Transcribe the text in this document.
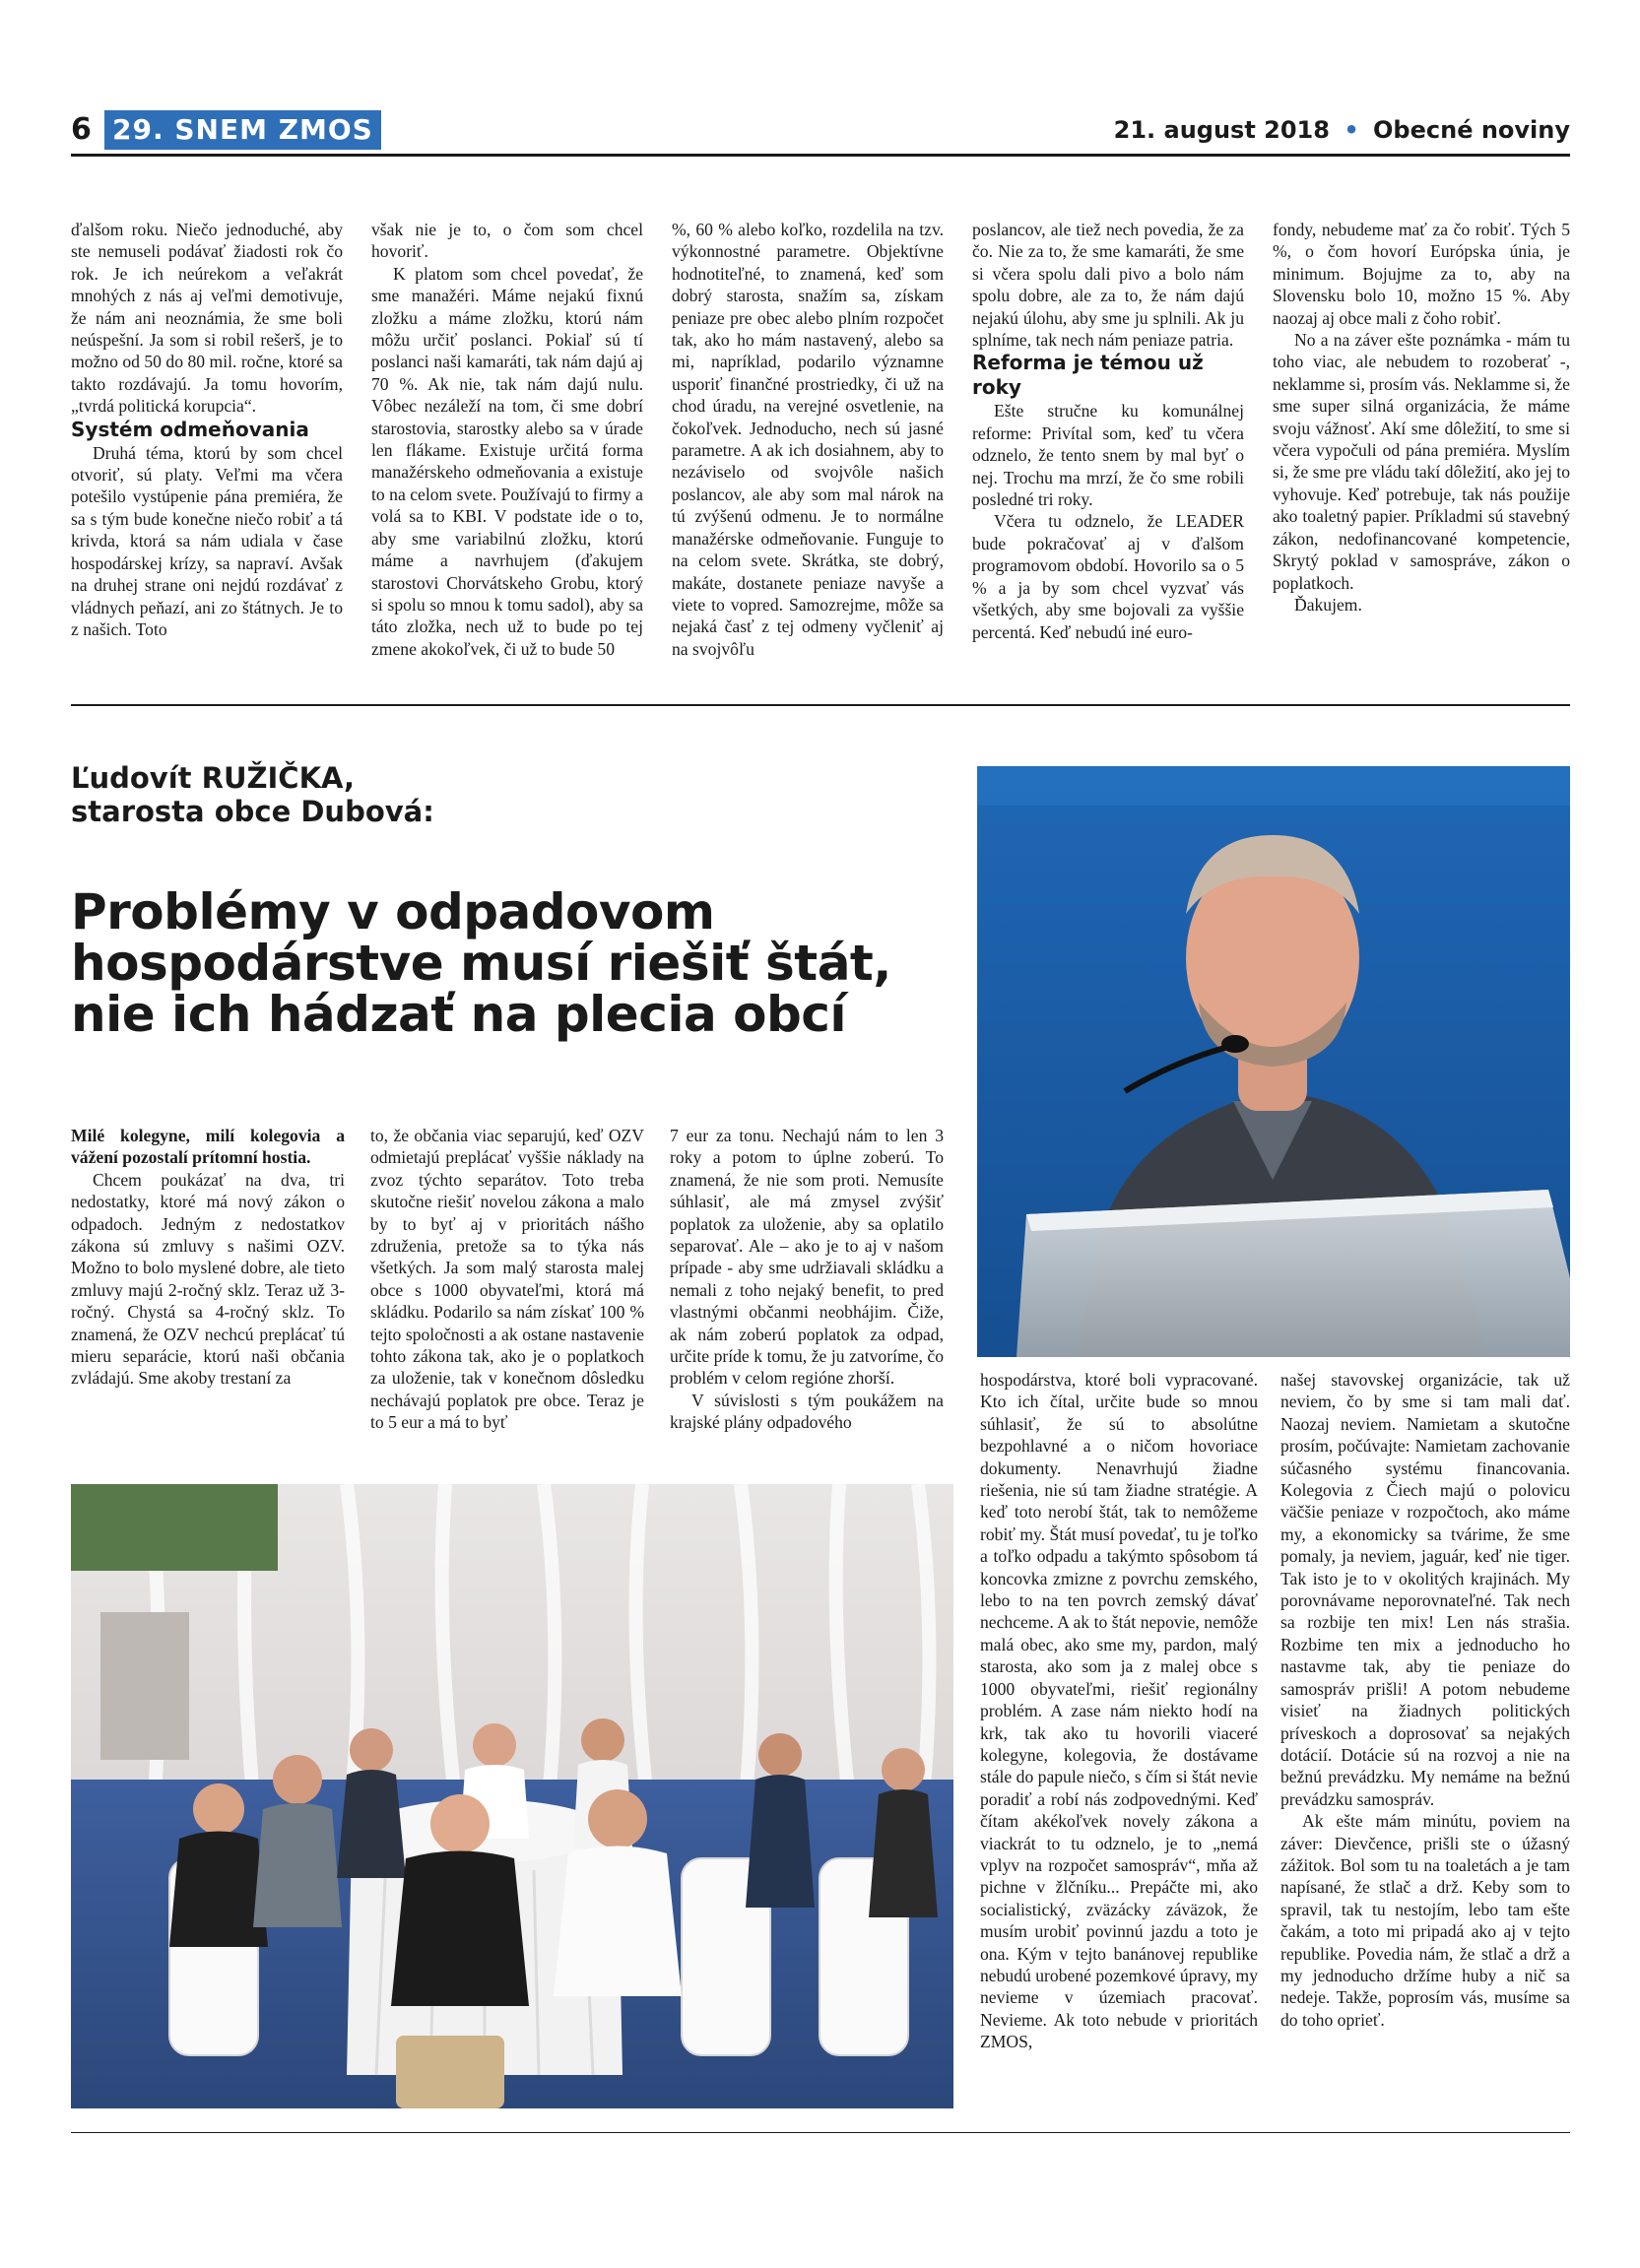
6 29. SNEM ZMOS	21. august 2018 • Obecné noviny

ďalšom roku. Niečo jednoduché, aby ste nemuseli podávať žiadosti rok čo rok. Je ich neúrekom a veľakrát mnohých z nás aj veľmi demotivuje, že nám ani neoznámia, že sme boli neúspešní. Ja som si robil rešerš, je to možno od 50 do 80 mil. ročne, ktoré sa takto rozdávajú. Ja tomu hovorím, „tvrdá politická korupcia“.

Systém odmeňovania

Druhá téma, ktorú by som chcel otvoriť, sú platy. Veľmi ma včera potešilo vystúpenie pána premiéra, že sa s tým bude konečne niečo robiť a tá krivda, ktorá sa nám udiala v čase hospodárskej krízy, sa napraví. Avšak na druhej strane oni nejdú rozdávať z vládnych peňazí, ani zo štátnych. Je to z našich. Toto

však nie je to, o čom som chcel hovoriť.

K platom som chcel povedať, že sme manažéri. Máme nejakú fixnú zložku a máme zložku, ktorú nám môžu určiť poslanci. Pokiaľ sú tí poslanci naši kamaráti, tak nám dajú aj 70 %. Ak nie, tak nám dajú nulu. Vôbec nezáleží na tom, či sme dobrí starostovia, starostky alebo sa v úrade len flákame. Existuje určitá forma manažérskeho odmeňovania a existuje to na celom svete. Používajú to firmy a volá sa to KBI. V podstate ide o to, aby sme variabilnú zložku, ktorú máme a navrhujem (ďakujem starostovi Chorvátskeho Grobu, ktorý si spolu so mnou k tomu sadol), aby sa táto zložka, nech už to bude po tej zmene akokoľvek, či už to bude 50

%, 60 % alebo koľko, rozdelila na tzv. výkonnostné parametre. Objektívne hodnotiteľné, to znamená, keď som dobrý starosta, snažím sa, získam peniaze pre obec alebo plním rozpočet tak, ako ho mám nastavený, alebo sa mi, napríklad, podarilo významne usporiť finančné prostriedky, či už na chod úradu, na verejné osvetlenie, na čokoľvek. Jednoducho, nech sú jasné parametre. A ak ich dosiahnem, aby to nezáviselo od svojvôle našich poslancov, ale aby som mal nárok na tú zvýšenú odmenu. Je to normálne manažérske odmeňovanie. Funguje to na celom svete. Skrátka, ste dobrý, makáte, dostanete peniaze navyše a viete to vopred. Samozrejme, môže sa nejaká časť z tej odmeny vyčleniť aj na svojvôľu

poslancov, ale tiež nech povedia, že za čo. Nie za to, že sme kamaráti, že sme si včera spolu dali pivo a bolo nám spolu dobre, ale za to, že nám dajú nejakú úlohu, aby sme ju splnili. Ak ju splníme, tak nech nám peniaze patria.

Reforma je témou už roky

Ešte stručne ku komunálnej reforme: Privítal som, keď tu včera odznelo, že tento snem by mal byť o nej. Trochu ma mrzí, že čo sme robili posledné tri roky.

Včera tu odznelo, že LEADER bude pokračovať aj v ďalšom programovom období. Hovorilo sa o 5 % a ja by som chcel vyzvať vás všetkých, aby sme bojovali za vyššie percentá. Keď nebudú iné euro-

fondy, nebudeme mať za čo robiť. Tých 5 %, o čom hovorí Európska únia, je minimum. Bojujme za to, aby na Slovensku bolo 10, možno 15 %. Aby naozaj aj obce mali z čoho robiť.

No a na záver ešte poznámka - mám tu toho viac, ale nebudem to rozoberať -, neklamme si, prosím vás. Neklamme si, že sme super silná organizácia, že máme svoju vážnosť. Akí sme dôležití, to sme si včera vypočuli od pána premiéra. Myslím si, že sme pre vládu takí dôležití, ako jej to vyhovuje. Keď potrebuje, tak nás použije ako toaletný papier. Príkladmi sú stavebný zákon, nedofinancované kompetencie, Skrytý poklad v samospráve, zákon o poplatkoch.

Ďakujem.

Ľudovít RUŽIČKA,
starosta obce Dubová:
Problémy v odpadovom
hospodárstve musí riešiť štát,
nie ich hádzať na plecia obcí

Milé kolegyne, milí kolegovia a vážení pozostalí prítomní hostia.

Chcem poukázať na dva, tri nedostatky, ktoré má nový zákon o odpadoch. Jedným z nedostatkov zákona sú zmluvy s našimi OZV. Možno to bolo myslené dobre, ale tieto zmluvy majú 2-ročný sklz. Teraz už 3-ročný. Chystá sa 4-ročný sklz. To znamená, že OZV nechcú preplácať tú mieru separácie, ktorú naši občania zvládajú. Sme akoby trestaní za

to, že občania viac separujú, keď OZV odmietajú preplácať vyššie náklady na zvoz týchto separátov. Toto treba skutočne riešiť novelou zákona a malo by to byť aj v prioritách nášho združenia, pretože sa to týka nás všetkých. Ja som malý starosta malej obce s 1000 obyvateľmi, ktorá má skládku. Podarilo sa nám získať 100 % tejto spoločnosti a ak ostane nastavenie tohto zákona tak, ako je o poplatkoch za uloženie, tak v konečnom dôsledku nechávajú poplatok pre obce. Teraz je to 5 eur a má to byť

7 eur za tonu. Nechajú nám to len 3 roky a potom to úplne zoberú. To znamená, že nie som proti. Nemusíte súhlasiť, ale má zmysel zvýšiť poplatok za uloženie, aby sa oplatilo separovať. Ale – ako je to aj v našom prípade - aby sme udržiavali skládku a nemali z toho nejaký benefit, to pred vlastnými občanmi neobhájim. Čiže, ak nám zoberú poplatok za odpad, určite príde k tomu, že ju zatvoríme, čo problém v celom regióne zhorší.

V súvislosti s tým poukážem na krajské plány odpadového

hospodárstva, ktoré boli vypracované. Kto ich čítal, určite bude so mnou súhlasiť, že sú to absolútne bezpohlavné a o ničom hovoriace dokumenty. Nenavrhujú žiadne riešenia, nie sú tam žiadne stratégie. A keď toto nerobí štát, tak to nemôžeme robiť my. Štát musí povedať, tu je toľko a toľko odpadu a takýmto spôsobom tá koncovka zmizne z povrchu zemského, lebo to na ten povrch zemský dávať nechceme. A ak to štát nepovie, nemôže malá obec, ako sme my, pardon, malý starosta, ako som ja z malej obce s 1000 obyvateľmi, riešiť regionálny problém. A zase nám niekto hodí na krk, tak ako tu hovorili viaceré kolegyne, kolegovia, že dostávame stále do papule niečo, s čím si štát nevie poradiť a robí nás zodpovednými. Keď čítam akékoľvek novely zákona a viackrát to tu odznelo, je to „nemá vplyv na rozpočet samospráv“, mňa až pichne v žlčníku... Prepáčte mi, ako socialistický, zväzácky záväzok, že musím urobiť povinnú jazdu a toto je ona. Kým v tejto banánovej republike nebudú urobené pozemkové úpravy, my nevieme v územiach pracovať. Nevieme. Ak toto nebude v prioritách ZMOS,

našej stavovskej organizácie, tak už neviem, čo by sme si tam mali dať. Naozaj neviem. Namietam a skutočne prosím, počúvajte: Namietam zachovanie súčasného systému financovania. Kolegovia z Čiech majú o polovicu väčšie peniaze v rozpočtoch, ako máme my, a ekonomicky sa tvárime, že sme pomaly, ja neviem, jaguár, keď nie tiger. Tak isto je to v okolitých krajinách. My porovnávame neporovnateľné. Tak nech sa rozbije ten mix! Len nás strašia. Rozbime ten mix a jednoducho ho nastavme tak, aby tie peniaze do samospráv prišli! A potom nebudeme visieť na žiadnych politických príveskoch a doprosovať sa nejakých dotácií. Dotácie sú na rozvoj a nie na bežnú prevádzku. My nemáme na bežnú prevádzku samospráv.

Ak ešte mám minútu, poviem na záver: Dievčence, prišli ste o úžasný zážitok. Bol som tu na toaletách a je tam napísané, že stlač a drž. Keby som to spravil, tak tu nestojím, lebo tam ešte čakám, a toto mi pripadá ako aj v tejto republike. Povedia nám, že stlač a drž a my jednoducho držíme huby a nič sa nedeje. Takže, poprosím vás, musíme sa do toho oprieť.
